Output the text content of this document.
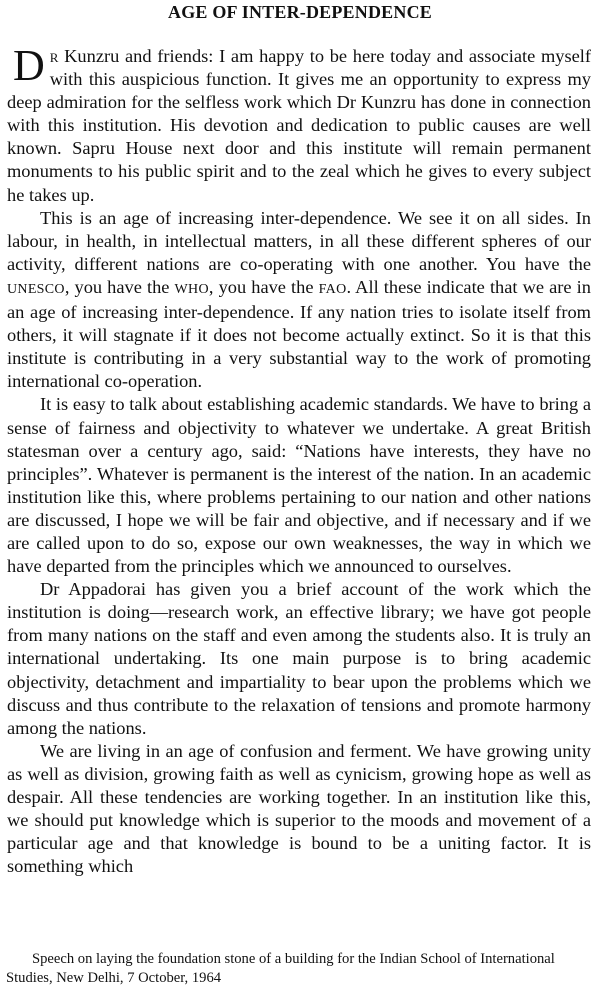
AGE OF INTER-DEPENDENCE

Dr Kunzru and friends: I am happy to be here today and associate myself with this auspicious function. It gives me an opportunity to express my deep admiration for the selfless work which Dr Kunzru has done in connection with this institution. His devotion and dedication to public causes are well known. Sapru House next door and this institute will remain permanent monuments to his public spirit and to the zeal which he gives to every subject he takes up.

This is an age of increasing inter-dependence. We see it on all sides. In labour, in health, in intellectual matters, in all these different spheres of our activity, different nations are co-operating with one another. You have the UNESCO, you have the WHO, you have the FAO. All these indicate that we are in an age of increasing inter-dependence. If any nation tries to isolate itself from others, it will stagnate if it does not become actually extinct. So it is that this institute is contributing in a very substantial way to the work of promoting international co-operation.

It is easy to talk about establishing academic standards. We have to bring a sense of fairness and objectivity to whatever we undertake. A great British statesman over a century ago, said: “Nations have interests, they have no principles”. Whatever is permanent is the interest of the nation. In an academic institution like this, where problems pertaining to our nation and other nations are discussed, I hope we will be fair and objective, and if necessary and if we are called upon to do so, expose our own weaknesses, the way in which we have departed from the principles which we announced to ourselves.

Dr Appadorai has given you a brief account of the work which the institution is doing—research work, an effective library; we have got people from many nations on the staff and even among the students also. It is truly an international undertaking. Its one main purpose is to bring academic objectivity, detachment and impartiality to bear upon the problems which we discuss and thus contribute to the relaxation of tensions and promote harmony among the nations.

We are living in an age of confusion and ferment. We have growing unity as well as division, growing faith as well as cynicism, growing hope as well as despair. All these tendencies are working together. In an institution like this, we should put knowledge which is superior to the moods and movement of a particular age and that knowledge is bound to be a uniting factor. It is something which

Speech on laying the foundation stone of a building for the Indian School of International Studies, New Delhi, 7 October, 1964
